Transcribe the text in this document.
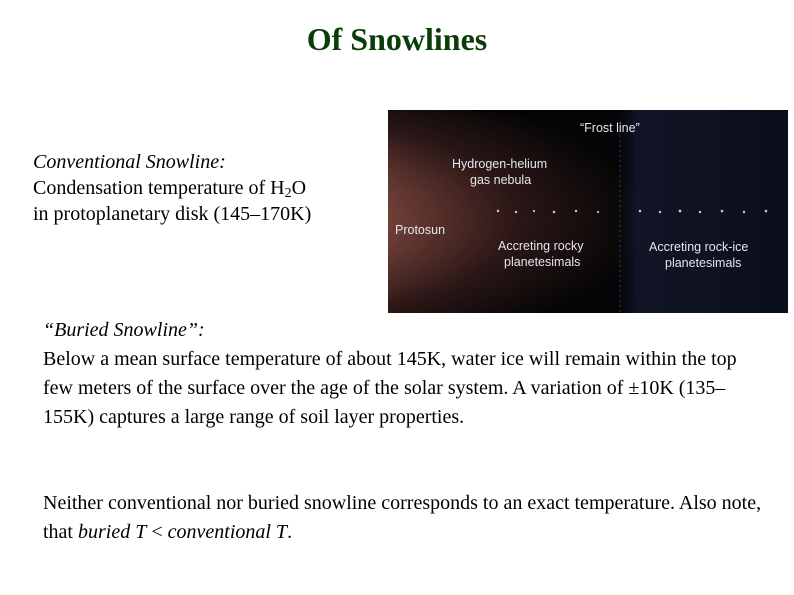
Of Snowlines
Conventional Snowline:
Condensation temperature of $H_2O$
in protoplanetary disk (145–170K)
“Frost line”
Hydrogen-helium
gas nebula
Protosun
Accreting rocky
planetesimals
Accreting rock-ice
planetesimals
“Buried Snowline”:
Below a mean surface temperature of about 145K, water ice will remain within the top few meters of the surface over the age of the solar system. A variation of ±10K (135–155K) captures a large range of soil layer properties.
Neither conventional nor buried snowline corresponds to an exact temperature. Also note, that buried T < conventional T.
